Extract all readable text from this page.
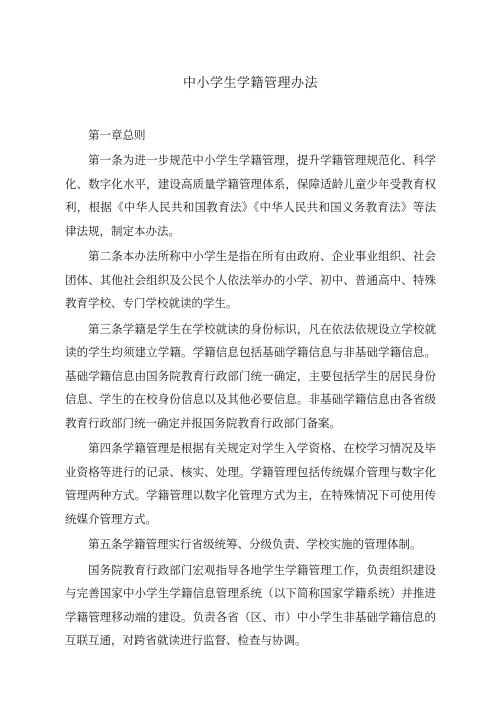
中小学生学籍管理办法

第一章总则

第一条为进一步规范中小学生学籍管理，提升学籍管理规范化、科学化、数字化水平，建设高质量学籍管理体系，保障适龄儿童少年受教育权利，根据《中华人民共和国教育法》《中华人民共和国义务教育法》等法律法规，制定本办法。

第二条本办法所称中小学生是指在所有由政府、企业事业组织、社会团体、其他社会组织及公民个人依法举办的小学、初中、普通高中、特殊教育学校、专门学校就读的学生。

第三条学籍是学生在学校就读的身份标识，凡在依法依规设立学校就读的学生均须建立学籍。学籍信息包括基础学籍信息与非基础学籍信息。基础学籍信息由国务院教育行政部门统一确定，主要包括学生的居民身份信息、学生的在校身份信息以及其他必要信息。非基础学籍信息由各省级教育行政部门统一确定并报国务院教育行政部门备案。

第四条学籍管理是根据有关规定对学生入学资格、在校学习情况及毕业资格等进行的记录、核实、处理。学籍管理包括传统媒介管理与数字化管理两种方式。学籍管理以数字化管理方式为主，在特殊情况下可使用传统媒介管理方式。

第五条学籍管理实行省级统筹、分级负责、学校实施的管理体制。

国务院教育行政部门宏观指导各地学生学籍管理工作，负责组织建设与完善国家中小学生学籍信息管理系统（以下简称国家学籍系统）并推进学籍管理移动端的建设。负责各省（区、市）中小学生非基础学籍信息的互联互通，对跨省就读进行监督、检查与协调。
